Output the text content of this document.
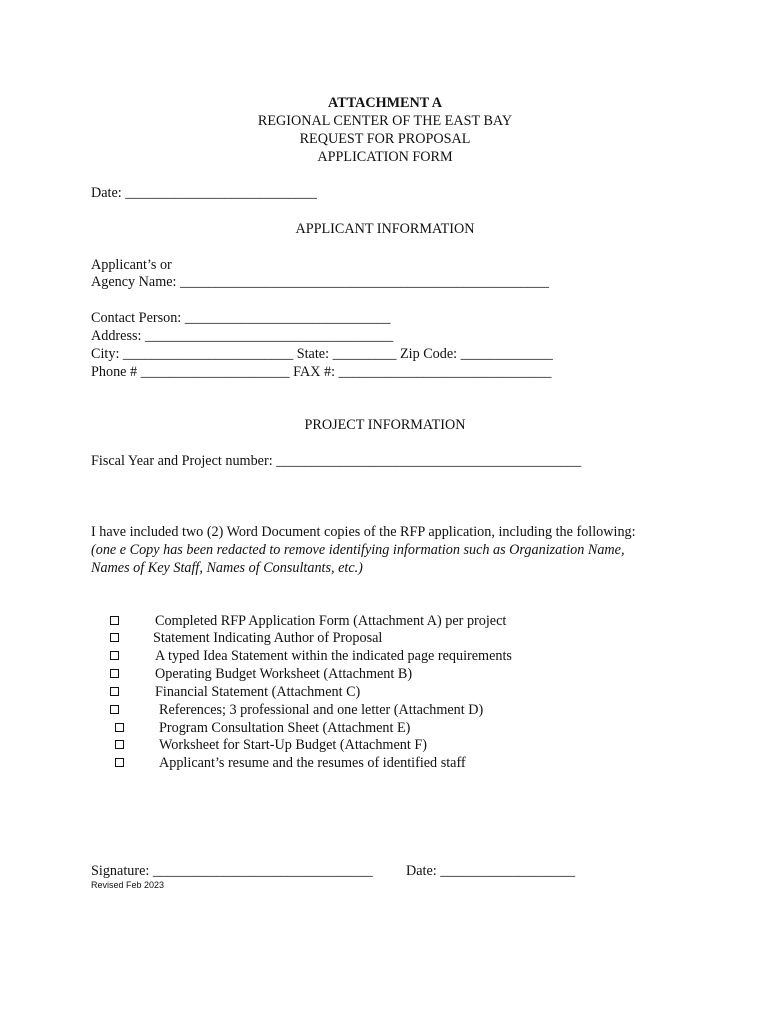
ATTACHMENT A
REGIONAL CENTER OF THE EAST BAY
REQUEST FOR PROPOSAL
APPLICATION FORM
Date: ___________________________
APPLICANT INFORMATION
Applicant’s or
Agency Name: ____________________________________________________
Contact Person: _____________________________
Address: ___________________________________
City: ________________________ State: _________ Zip Code: _____________
Phone # _____________________ FAX #: ______________________________
PROJECT INFORMATION
Fiscal Year and Project number: ___________________________________________
I have included two (2) Word Document copies of the RFP application, including the following:
(one e Copy has been redacted to remove identifying information such as Organization Name,
Names of Key Staff, Names of Consultants, etc.)
Completed RFP Application Form (Attachment A) per project
Statement Indicating Author of Proposal
A typed Idea Statement within the indicated page requirements
Operating Budget Worksheet (Attachment B)
Financial Statement (Attachment C)
References; 3 professional and one letter (Attachment D)
Program Consultation Sheet (Attachment E)
Worksheet for Start-Up Budget (Attachment F)
Applicant’s resume and the resumes of identified staff
Signature: _______________________________ Date: ___________________
Revised Feb 2023
